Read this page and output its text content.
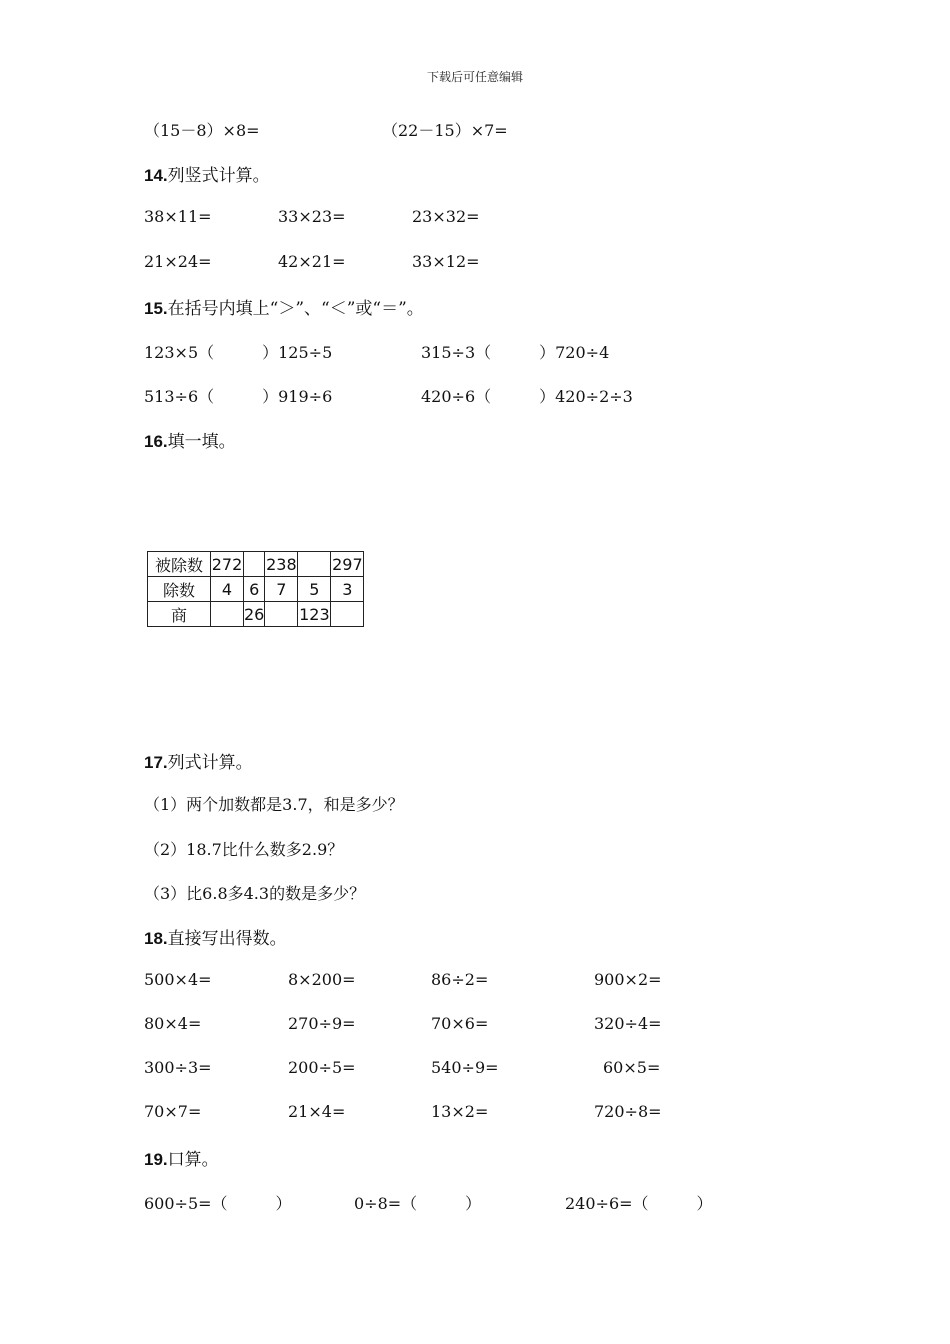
下载后可任意编辑
（15－8）×8=	（22－15）×7=
14.列竖式计算。
38×11=	33×23=	23×32=
21×24=	42×21=	33×12=
15.在括号内填上“＞”、“＜”或“＝”。
123×5（　　　）125÷5	315÷3（　　　）720÷4
513÷6（　　　）919÷6	420÷6（　　　）420÷2÷3
16.填一填。
被除数	272		238		297
除数	4	6	7	5	3
商		26		123	
17.列式计算。
（1）两个加数都是3.7，和是多少？
（2）18.7比什么数多2.9？
（3）比6.8多4.3的数是多少？
18.直接写出得数。
500×4=	8×200=	86÷2=	900×2=
80×4=	270÷9=	70×6=	320÷4=
300÷3=	200÷5=	540÷9=	60×5=
70×7=	21×4=	13×2=	720÷8=
19.口算。
600÷5=（　　　）	0÷8=（　　　）	240÷6=（　　　）
